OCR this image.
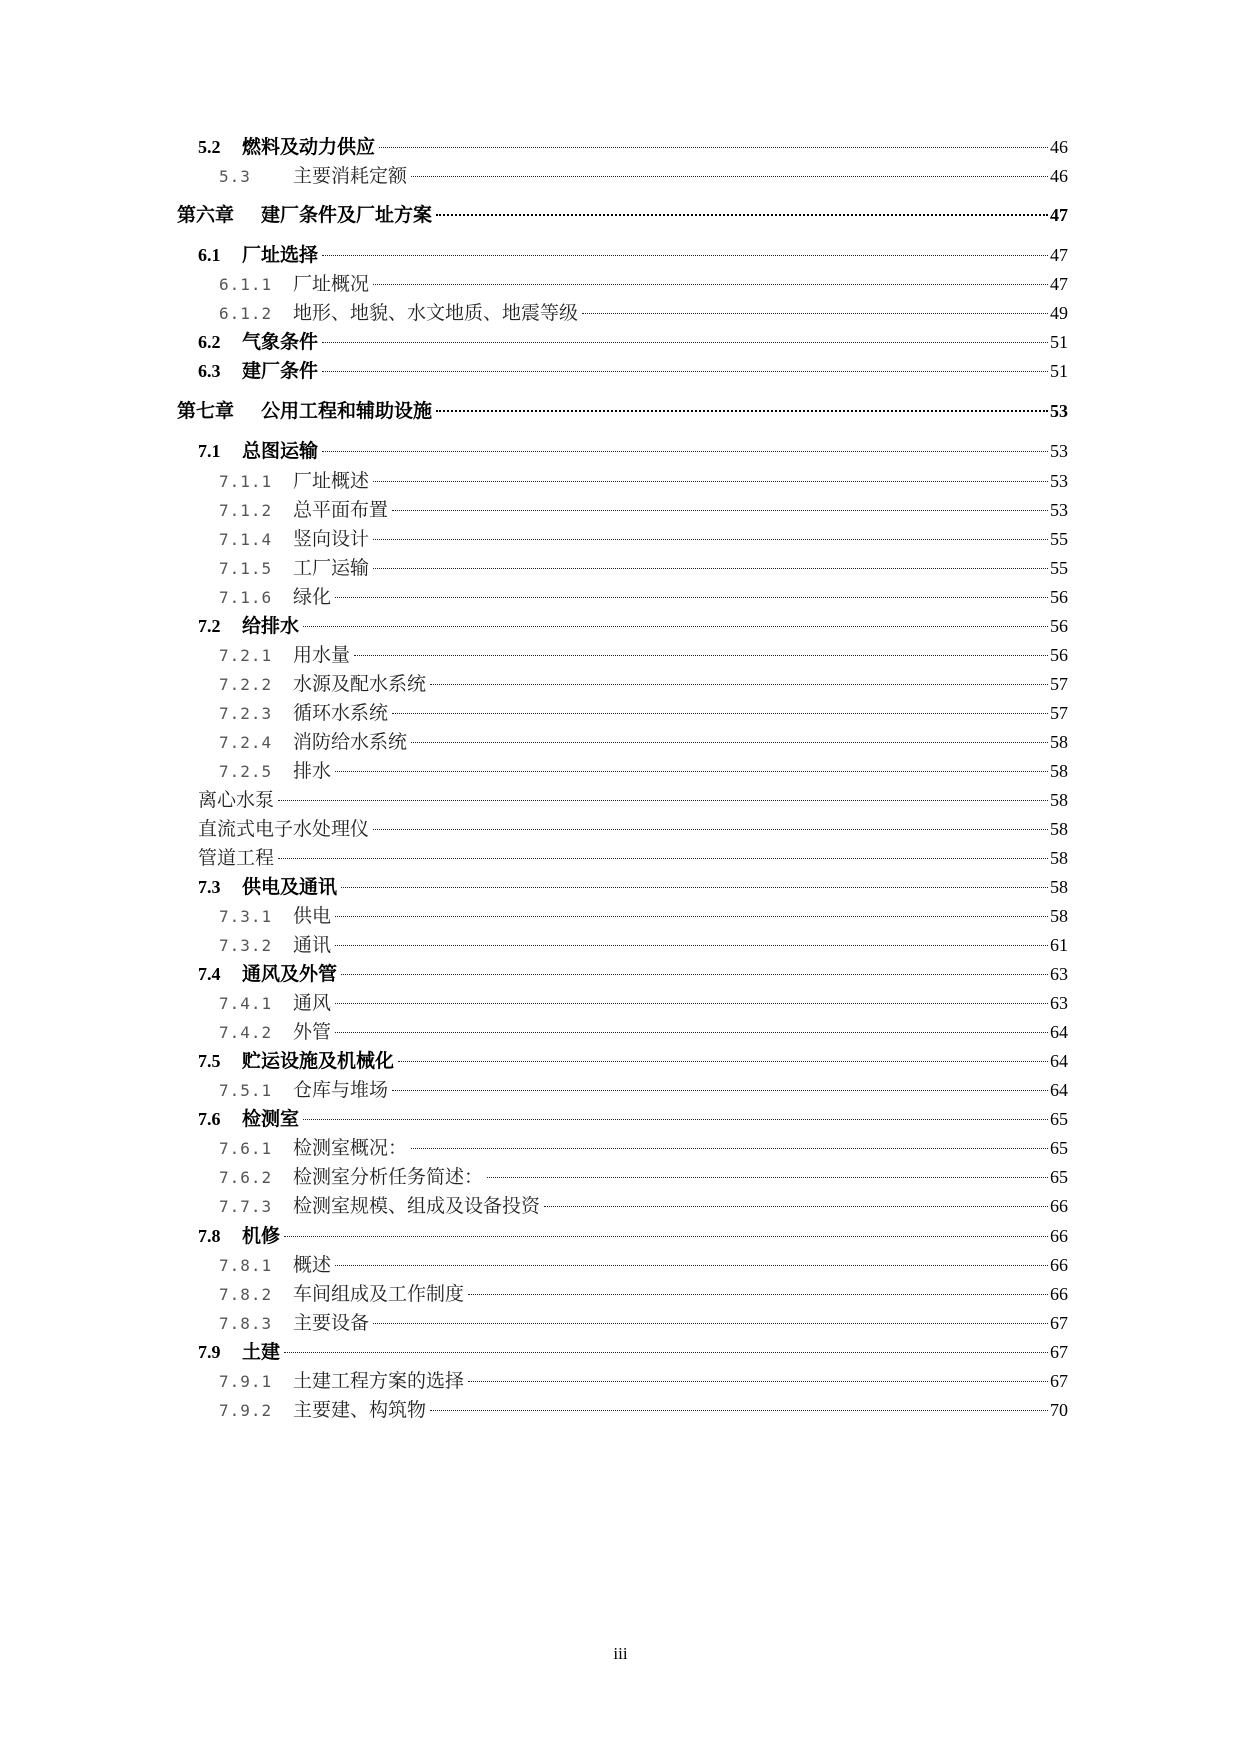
5.2	燃料及动力供应	46
5.3	主要消耗定额	46
第六章	建厂条件及厂址方案	47
6.1	厂址选择	47
6.1.1	厂址概况	47
6.1.2	地形、地貌、水文地质、地震等级	49
6.2	气象条件	51
6.3	建厂条件	51
第七章	公用工程和辅助设施	53
7.1	总图运输	53
7.1.1	厂址概述	53
7.1.2	总平面布置	53
7.1.4	竖向设计	55
7.1.5	工厂运输	55
7.1.6	绿化	56
7.2	给排水	56
7.2.1	用水量	56
7.2.2	水源及配水系统	57
7.2.3	循环水系统	57
7.2.4	消防给水系统	58
7.2.5	排水	58
离心水泵	58
直流式电子水处理仪	58
管道工程	58
7.3	供电及通讯	58
7.3.1	供电	58
7.3.2	通讯	61
7.4	通风及外管	63
7.4.1	通风	63
7.4.2	外管	64
7.5	贮运设施及机械化	64
7.5.1	仓库与堆场	64
7.6	检测室	65
7.6.1	检测室概况：	65
7.6.2	检测室分析任务简述：	65
7.7.3	检测室规模、组成及设备投资	66
7.8	机修	66
7.8.1	概述	66
7.8.2	车间组成及工作制度	66
7.8.3	主要设备	67
7.9	土建	67
7.9.1	土建工程方案的选择	67
7.9.2	主要建、构筑物	70
iii
